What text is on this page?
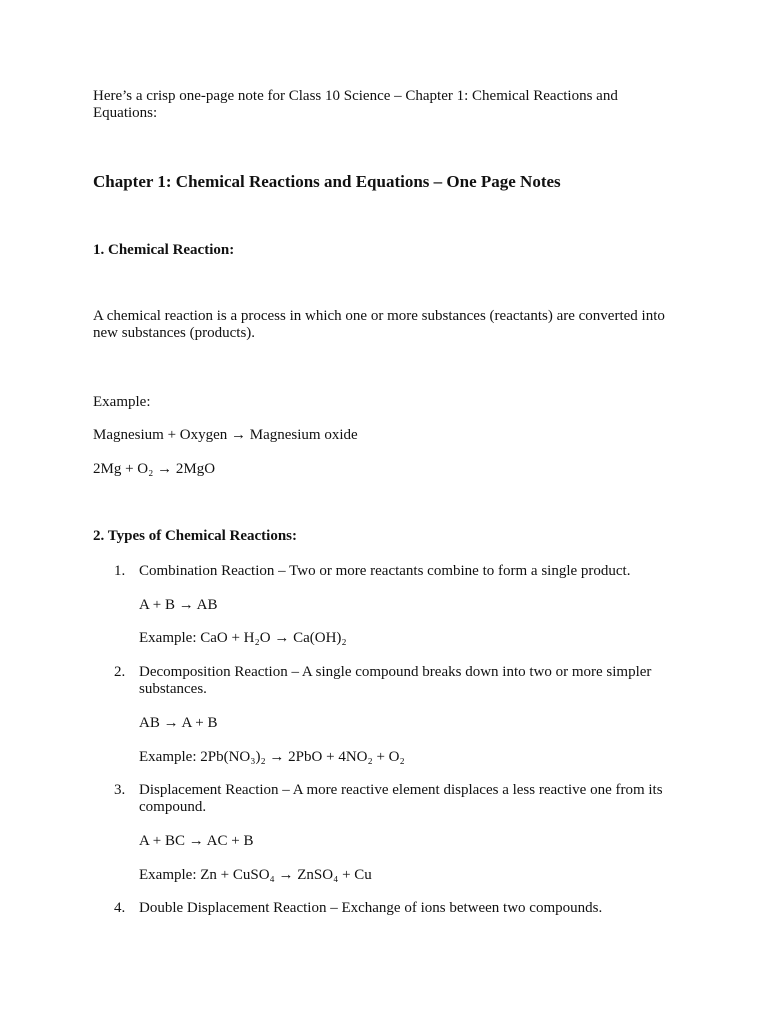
Here’s a crisp one-page note for Class 10 Science – Chapter 1: Chemical Reactions and Equations:

Chapter 1: Chemical Reactions and Equations – One Page Notes

1. Chemical Reaction:

A chemical reaction is a process in which one or more substances (reactants) are converted into new substances (products).

Example:

Magnesium + Oxygen → Magnesium oxide

2Mg + O₂ → 2MgO

2. Types of Chemical Reactions:

1. Combination Reaction – Two or more reactants combine to form a single product.

A + B → AB

Example: CaO + H₂O → Ca(OH)₂

2. Decomposition Reaction – A single compound breaks down into two or more simpler substances.

AB → A + B

Example: 2Pb(NO₃)₂ → 2PbO + 4NO₂ + O₂

3. Displacement Reaction – A more reactive element displaces a less reactive one from its compound.

A + BC → AC + B

Example: Zn + CuSO₄ → ZnSO₄ + Cu

4. Double Displacement Reaction – Exchange of ions between two compounds.
